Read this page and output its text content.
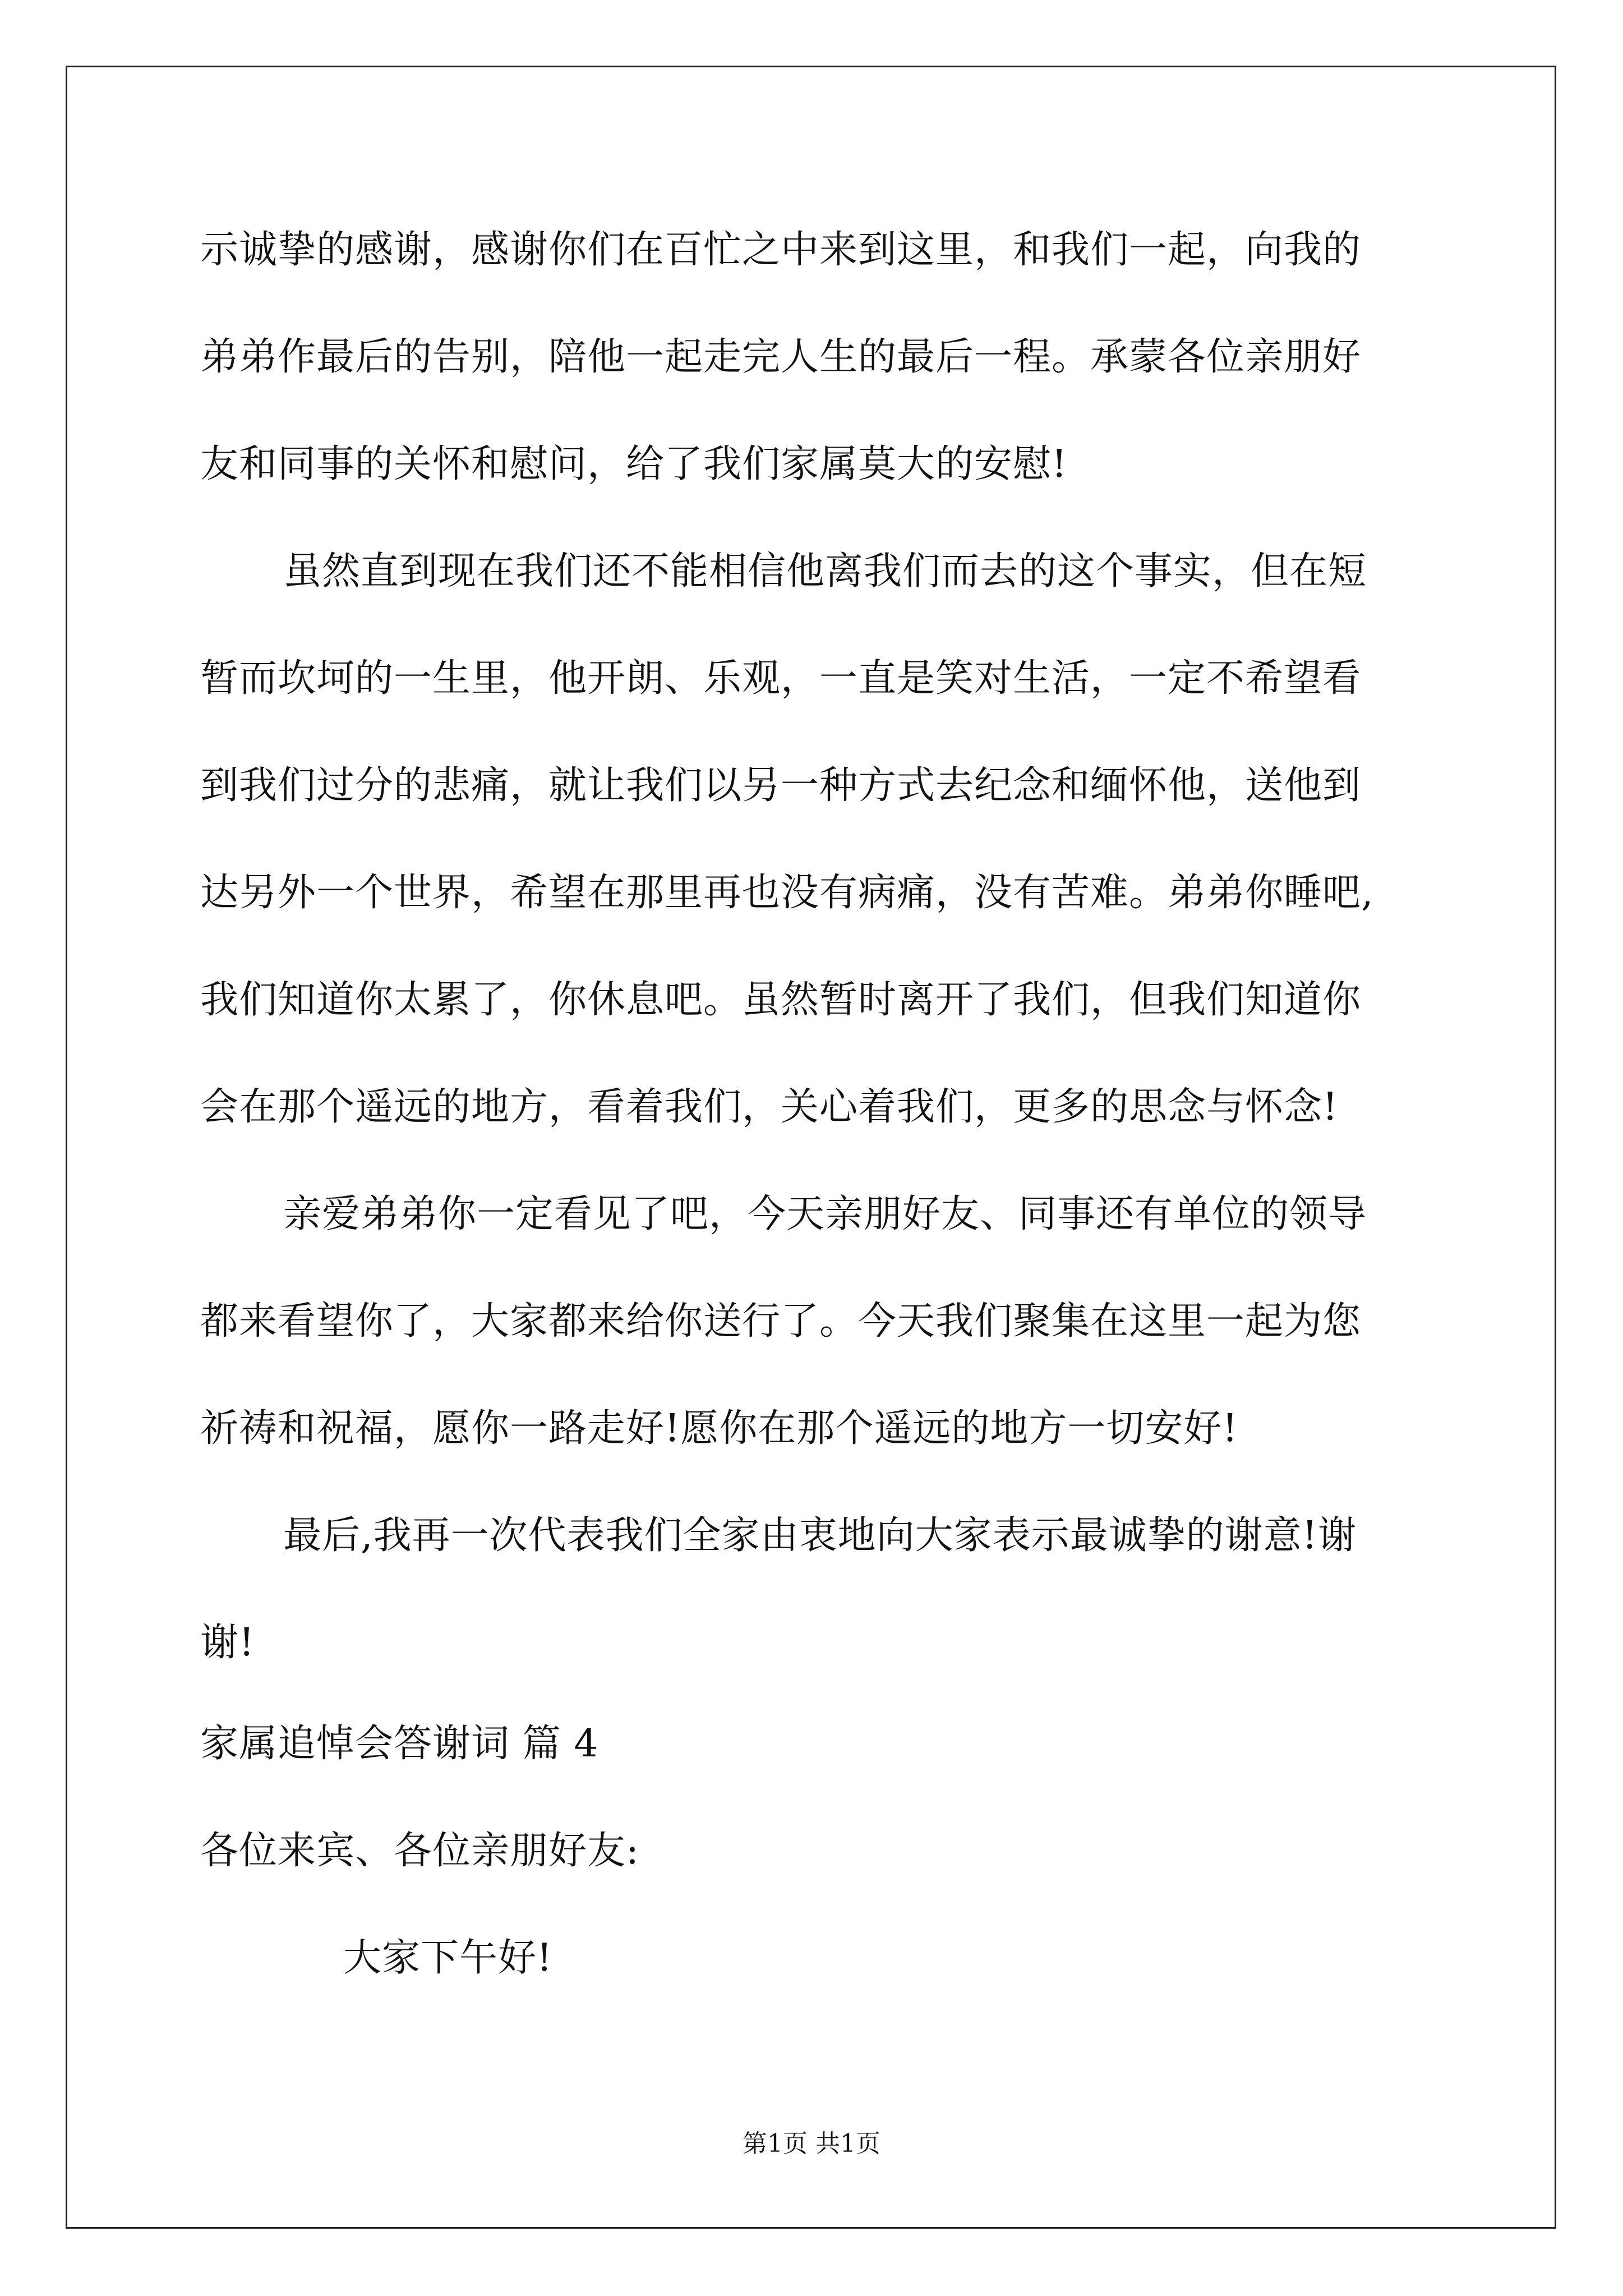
示诚挚的感谢，感谢你们在百忙之中来到这里，和我们一起，向我的
弟弟作最后的告别，陪他一起走完人生的最后一程。承蒙各位亲朋好
友和同事的关怀和慰问，给了我们家属莫大的安慰!
虽然直到现在我们还不能相信他离我们而去的这个事实，但在短
暂而坎坷的一生里，他开朗、乐观，一直是笑对生活，一定不希望看
到我们过分的悲痛，就让我们以另一种方式去纪念和缅怀他，送他到
达另外一个世界，希望在那里再也没有病痛，没有苦难。弟弟你睡吧,
我们知道你太累了，你休息吧。虽然暂时离开了我们，但我们知道你
会在那个遥远的地方，看着我们，关心着我们，更多的思念与怀念!
亲爱弟弟你一定看见了吧，今天亲朋好友、同事还有单位的领导
都来看望你了，大家都来给你送行了。今天我们聚集在这里一起为您
祈祷和祝福，愿你一路走好!愿你在那个遥远的地方一切安好!
最后,我再一次代表我们全家由衷地向大家表示最诚挚的谢意!谢
谢!
家属追悼会答谢词 篇 4
各位来宾、各位亲朋好友:
大家下午好!
第1页 共1页
